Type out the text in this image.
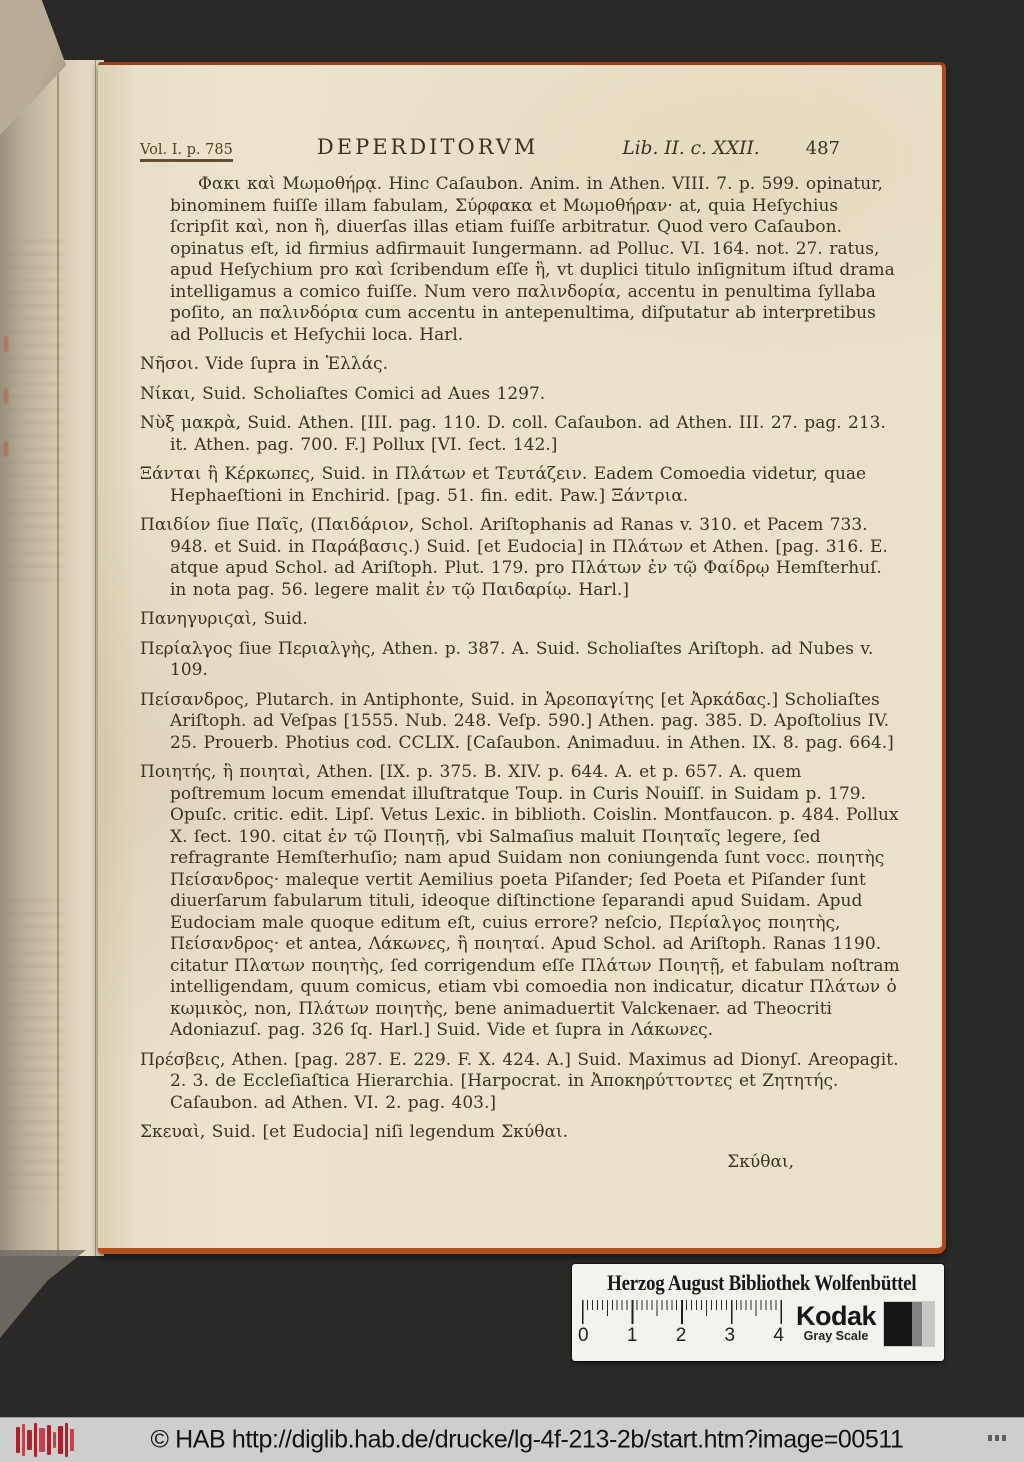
Vol. I. p. 785	DEPERDITORVM	Lib. II. c. XXII.	487
Φακι καὶ Μωμοθήρᾳ. Hinc Caſaubon. Anim. in Athen. VIII. 7. p. 599. opinatur, binominem fuiſſe illam fabulam, Σύρφακα et Μωμοθήραν· at, quia Heſychius ſcripſit καὶ, non ἢ, diuerſas illas etiam fuiſſe arbitratur. Quod vero Caſaubon. opinatus eſt, id firmius adfirmauit Iungermann. ad Polluc. VI. 164. not. 27. ratus, apud Heſychium pro καὶ ſcribendum eſſe ἢ, vt duplici titulo inſignitum iſtud drama intelligamus a comico fuiſſe. Num vero παλινδορία, accentu in penultima ſyllaba poſito, an παλινδόρια cum accentu in antepenultima, diſputatur ab interpretibus ad Pollucis et Heſychii loca. Harl.
Νῆσοι. Vide ſupra in Ἑλλάς.
Νίκαι, Suid. Scholiaſtes Comici ad Aues 1297.
Νὺξ μακρὰ, Suid. Athen. [III. pag. 110. D. coll. Caſaubon. ad Athen. III. 27. pag. 213. it. Athen. pag. 700. F.] Pollux [VI. ſect. 142.]
Ξάνται ἢ Κέρκωπες, Suid. in Πλάτων et Τευτάζειν. Eadem Comoedia videtur, quae Hephaeſtioni in Enchirid. [pag. 51. fin. edit. Paw.] Ξάντρια.
Παιδίον ſiue Παῖς, (Παιδάριον, Schol. Ariſtophanis ad Ranas v. 310. et Pacem 733. 948. et Suid. in Παράβασις.) Suid. [et Eudocia] in Πλάτων et Athen. [pag. 316. E. atque apud Schol. ad Ariſtoph. Plut. 179. pro Πλάτων ἐν τῷ Φαίδρῳ Hemſterhuſ. in nota pag. 56. legere malit ἐν τῷ Παιδαρίῳ. Harl.]
Πανηγυριϛαὶ, Suid.
Περίαλγος ſiue Περιαλγὴς, Athen. p. 387. A. Suid. Scholiaſtes Ariſtoph. ad Nubes v. 109.
Πείσανδρος, Plutarch. in Antiphonte, Suid. in Ἀρεοπαγίτης [et Ἀρκάδας.] Scholiaſtes Ariſtoph. ad Veſpas [1555. Nub. 248. Veſp. 590.] Athen. pag. 385. D. Apoſtolius IV. 25. Prouerb. Photius cod. CCLIX. [Caſaubon. Animaduu. in Athen. IX. 8. pag. 664.]
Ποιητής, ἢ ποιηταὶ, Athen. [IX. p. 375. B. XIV. p. 644. A. et p. 657. A. quem poſtremum locum emendat illuſtratque Toup. in Curis Nouiſſ. in Suidam p. 179. Opuſc. critic. edit. Lipſ. Vetus Lexic. in biblioth. Coislin. Montfaucon. p. 484. Pollux X. ſect. 190. citat ἐν τῷ Ποιητῇ, vbi Salmaſius maluit Ποιηταῖς legere, ſed refragrante Hemſterhuſio; nam apud Suidam non coniungenda ſunt vocc. ποιητὴς Πείσανδρος· maleque vertit Aemilius poeta Piſander; ſed Poeta et Piſander ſunt diuerſarum fabularum tituli, ideoque diſtinctione ſeparandi apud Suidam. Apud Eudociam male quoque editum eſt, cuius errore? neſcio, Περίαλγος ποιητὴς, Πείσανδρος· et antea, Λάκωνες, ἢ ποιηταί. Apud Schol. ad Ariſtoph. Ranas 1190. citatur Πλατων ποιητὴς, ſed corrigendum eſſe Πλάτων Ποιητῇ, et fabulam noſtram intelligendam, quum comicus, etiam vbi comoedia non indicatur, dicatur Πλάτων ὁ κωμικὸς, non, Πλάτων ποιητὴς, bene animaduertit Valckenaer. ad Theocriti Adoniazuſ. pag. 326 ſq. Harl.] Suid. Vide et ſupra in Λάκωνες.
Πρέσβεις, Athen. [pag. 287. E. 229. F. X. 424. A.] Suid. Maximus ad Dionyſ. Areopagit. 2. 3. de Eccleſiaſtica Hierarchia. [Harpocrat. in Ἀποκηρύττοντες et Ζητητής. Caſaubon. ad Athen. VI. 2. pag. 403.]
Σκευαὶ, Suid. [et Eudocia] niſi legendum Σκύθαι.
Σκύθαι,
Herzog August Bibliothek Wolfenbüttel
0 1 2 3 4
Kodak
Gray Scale
© HAB http://diglib.hab.de/drucke/lg-4f-213-2b/start.htm?image=00511
